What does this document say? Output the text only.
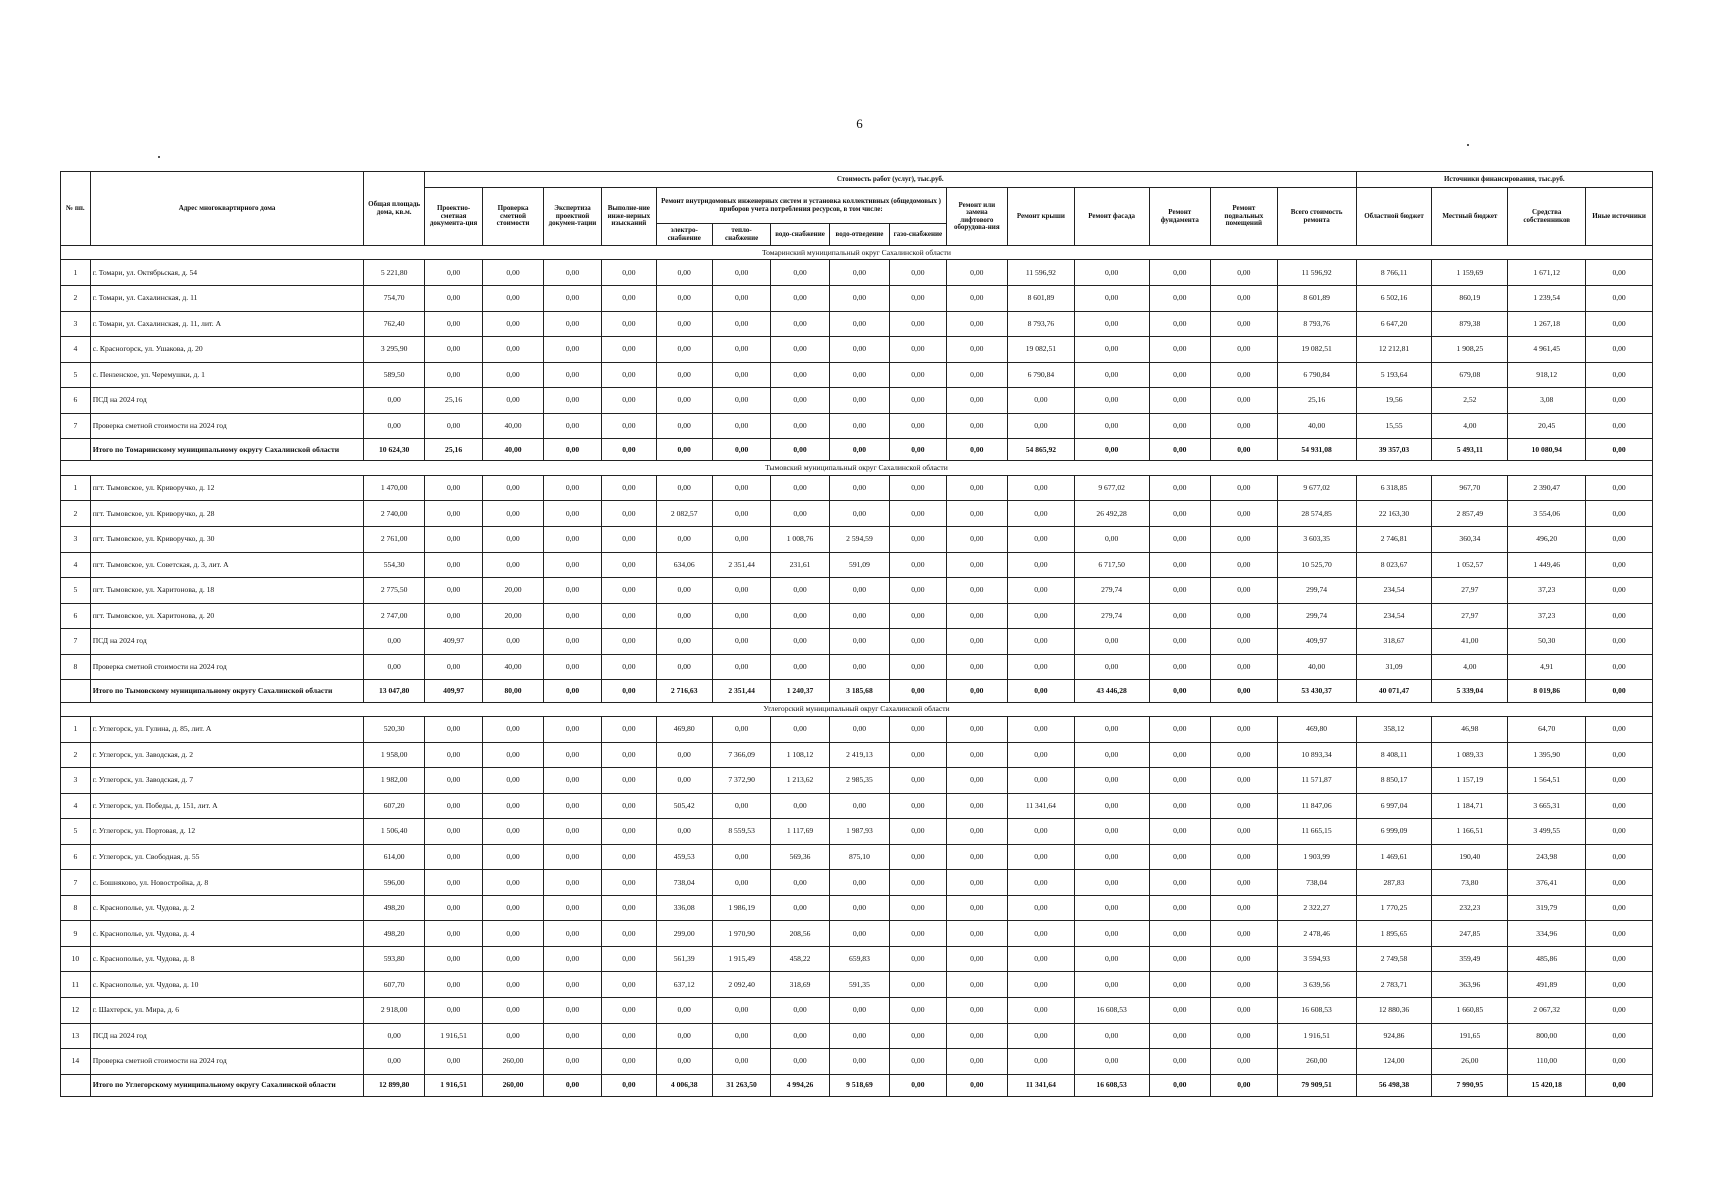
6
№ пп.	Адрес многоквартирного дома	Общая площадь дома, кв.м.	Стоимость работ (услуг), тыс.руб.															Источники финансирования, тыс.руб.			
			Проектно-сметная документа-ция	Проверка сметной стоимости	Экспертиза проектной докумен-тации	Выполне-ние инже-нерных изысканий	Ремонт внутридомовых инженерных систем и установка коллективных (общедомовых ) приборов учета потребления ресурсов, в том числе:					Ремонт или замена лифтового оборудова-ния	Ремонт крыши	Ремонт фасада	Ремонт фундамента	Ремонт подвальных помещений	Всего стоимость ремонта	Областной бюджет	Местный бюджет	Средства собственников	Иные источники
							электро-снабжение	тепло-снабжение	водо-снабжение	водо-отведение	газо-снабжение										
Томаринский муниципальный округ Сахалинской области																					
1	г. Томари, ул. Октябрьская, д. 54	5 221,80	0,00	0,00	0,00	0,00	0,00	0,00	0,00	0,00	0,00	0,00	11 596,92	0,00	0,00	0,00	11 596,92	8 766,11	1 159,69	1 671,12	0,00
2	г. Томари, ул. Сахалинская, д. 11	754,70	0,00	0,00	0,00	0,00	0,00	0,00	0,00	0,00	0,00	0,00	8 601,89	0,00	0,00	0,00	8 601,89	6 502,16	860,19	1 239,54	0,00
3	г. Томари, ул. Сахалинская, д. 11, лит. А	762,40	0,00	0,00	0,00	0,00	0,00	0,00	0,00	0,00	0,00	0,00	8 793,76	0,00	0,00	0,00	8 793,76	6 647,20	879,38	1 267,18	0,00
4	с. Красногорск, ул. Ушакова, д. 20	3 295,90	0,00	0,00	0,00	0,00	0,00	0,00	0,00	0,00	0,00	0,00	19 082,51	0,00	0,00	0,00	19 082,51	12 212,81	1 908,25	4 961,45	0,00
5	с. Пензенское, ул. Черемушки, д. 1	589,50	0,00	0,00	0,00	0,00	0,00	0,00	0,00	0,00	0,00	0,00	6 790,84	0,00	0,00	0,00	6 790,84	5 193,64	679,08	918,12	0,00
6	ПСД на 2024 год	0,00	25,16	0,00	0,00	0,00	0,00	0,00	0,00	0,00	0,00	0,00	0,00	0,00	0,00	0,00	25,16	19,56	2,52	3,08	0,00
7	Проверка сметной стоимости на 2024 год	0,00	0,00	40,00	0,00	0,00	0,00	0,00	0,00	0,00	0,00	0,00	0,00	0,00	0,00	0,00	40,00	15,55	4,00	20,45	0,00
	Итого по Томаринскому муниципальному округу Сахалинской области	10 624,30	25,16	40,00	0,00	0,00	0,00	0,00	0,00	0,00	0,00	0,00	54 865,92	0,00	0,00	0,00	54 931,08	39 357,03	5 493,11	10 080,94	0,00
Тымовский муниципальный округ Сахалинской области																					
1	пгт. Тымовское, ул. Криворучко, д. 12	1 470,00	0,00	0,00	0,00	0,00	0,00	0,00	0,00	0,00	0,00	0,00	0,00	9 677,02	0,00	0,00	9 677,02	6 318,85	967,70	2 390,47	0,00
2	пгт. Тымовское, ул. Криворучко, д. 28	2 740,00	0,00	0,00	0,00	0,00	2 082,57	0,00	0,00	0,00	0,00	0,00	0,00	26 492,28	0,00	0,00	28 574,85	22 163,30	2 857,49	3 554,06	0,00
3	пгт. Тымовское, ул. Криворучко, д. 30	2 761,00	0,00	0,00	0,00	0,00	0,00	0,00	1 008,76	2 594,59	0,00	0,00	0,00	0,00	0,00	0,00	3 603,35	2 746,81	360,34	496,20	0,00
4	пгт. Тымовское, ул. Советская, д. 3, лит. А	554,30	0,00	0,00	0,00	0,00	634,06	2 351,44	231,61	591,09	0,00	0,00	0,00	6 717,50	0,00	0,00	10 525,70	8 023,67	1 052,57	1 449,46	0,00
5	пгт. Тымовское, ул. Харитонова, д. 18	2 775,50	0,00	20,00	0,00	0,00	0,00	0,00	0,00	0,00	0,00	0,00	0,00	279,74	0,00	0,00	299,74	234,54	27,97	37,23	0,00
6	пгт. Тымовское, ул. Харитонова, д. 20	2 747,00	0,00	20,00	0,00	0,00	0,00	0,00	0,00	0,00	0,00	0,00	0,00	279,74	0,00	0,00	299,74	234,54	27,97	37,23	0,00
7	ПСД на 2024 год	0,00	409,97	0,00	0,00	0,00	0,00	0,00	0,00	0,00	0,00	0,00	0,00	0,00	0,00	0,00	409,97	318,67	41,00	50,30	0,00
8	Проверка сметной стоимости на 2024 год	0,00	0,00	40,00	0,00	0,00	0,00	0,00	0,00	0,00	0,00	0,00	0,00	0,00	0,00	0,00	40,00	31,09	4,00	4,91	0,00
	Итого по Тымовскому муниципальному округу Сахалинской области	13 047,80	409,97	80,00	0,00	0,00	2 716,63	2 351,44	1 240,37	3 185,68	0,00	0,00	0,00	43 446,28	0,00	0,00	53 430,37	40 071,47	5 339,04	8 019,86	0,00
Углегорский муниципальный округ Сахалинской области																					
1	г. Углегорск, ул. Гулина, д. 85, лит. А	520,30	0,00	0,00	0,00	0,00	469,80	0,00	0,00	0,00	0,00	0,00	0,00	0,00	0,00	0,00	469,80	358,12	46,98	64,70	0,00
2	г. Углегорск, ул. Заводская, д. 2	1 958,00	0,00	0,00	0,00	0,00	0,00	7 366,09	1 108,12	2 419,13	0,00	0,00	0,00	0,00	0,00	0,00	10 893,34	8 408,11	1 089,33	1 395,90	0,00
3	г. Углегорск, ул. Заводская, д. 7	1 982,00	0,00	0,00	0,00	0,00	0,00	7 372,90	1 213,62	2 985,35	0,00	0,00	0,00	0,00	0,00	0,00	11 571,87	8 850,17	1 157,19	1 564,51	0,00
4	г. Углегорск, ул. Победы, д. 151, лит. А	607,20	0,00	0,00	0,00	0,00	505,42	0,00	0,00	0,00	0,00	0,00	11 341,64	0,00	0,00	0,00	11 847,06	6 997,04	1 184,71	3 665,31	0,00
5	г. Углегорск, ул. Портовая, д. 12	1 506,40	0,00	0,00	0,00	0,00	0,00	8 559,53	1 117,69	1 987,93	0,00	0,00	0,00	0,00	0,00	0,00	11 665,15	6 999,09	1 166,51	3 499,55	0,00
6	г. Углегорск, ул. Свободная, д. 55	614,00	0,00	0,00	0,00	0,00	459,53	0,00	569,36	875,10	0,00	0,00	0,00	0,00	0,00	0,00	1 903,99	1 469,61	190,40	243,98	0,00
7	с. Бошняково, ул. Новостройка, д. 8	596,00	0,00	0,00	0,00	0,00	738,04	0,00	0,00	0,00	0,00	0,00	0,00	0,00	0,00	0,00	738,04	287,83	73,80	376,41	0,00
8	с. Краснополье, ул. Чудова, д. 2	498,20	0,00	0,00	0,00	0,00	336,08	1 986,19	0,00	0,00	0,00	0,00	0,00	0,00	0,00	0,00	2 322,27	1 770,25	232,23	319,79	0,00
9	с. Краснополье, ул. Чудова, д. 4	498,20	0,00	0,00	0,00	0,00	299,00	1 970,90	208,56	0,00	0,00	0,00	0,00	0,00	0,00	0,00	2 478,46	1 895,65	247,85	334,96	0,00
10	с. Краснополье, ул. Чудова, д. 8	593,80	0,00	0,00	0,00	0,00	561,39	1 915,49	458,22	659,83	0,00	0,00	0,00	0,00	0,00	0,00	3 594,93	2 749,58	359,49	485,86	0,00
11	с. Краснополье, ул. Чудова, д. 10	607,70	0,00	0,00	0,00	0,00	637,12	2 092,40	318,69	591,35	0,00	0,00	0,00	0,00	0,00	0,00	3 639,56	2 783,71	363,96	491,89	0,00
12	г. Шахтерск, ул. Мира, д. 6	2 918,00	0,00	0,00	0,00	0,00	0,00	0,00	0,00	0,00	0,00	0,00	0,00	16 608,53	0,00	0,00	16 608,53	12 880,36	1 660,85	2 067,32	0,00
13	ПСД на 2024 год	0,00	1 916,51	0,00	0,00	0,00	0,00	0,00	0,00	0,00	0,00	0,00	0,00	0,00	0,00	0,00	1 916,51	924,86	191,65	800,00	0,00
14	Проверка сметной стоимости на 2024 год	0,00	0,00	260,00	0,00	0,00	0,00	0,00	0,00	0,00	0,00	0,00	0,00	0,00	0,00	0,00	260,00	124,00	26,00	110,00	0,00
	Итого по Углегорскому муниципальному округу Сахалинской области	12 899,80	1 916,51	260,00	0,00	0,00	4 006,38	31 263,50	4 994,26	9 518,69	0,00	0,00	11 341,64	16 608,53	0,00	0,00	79 909,51	56 498,38	7 990,95	15 420,18	0,00
